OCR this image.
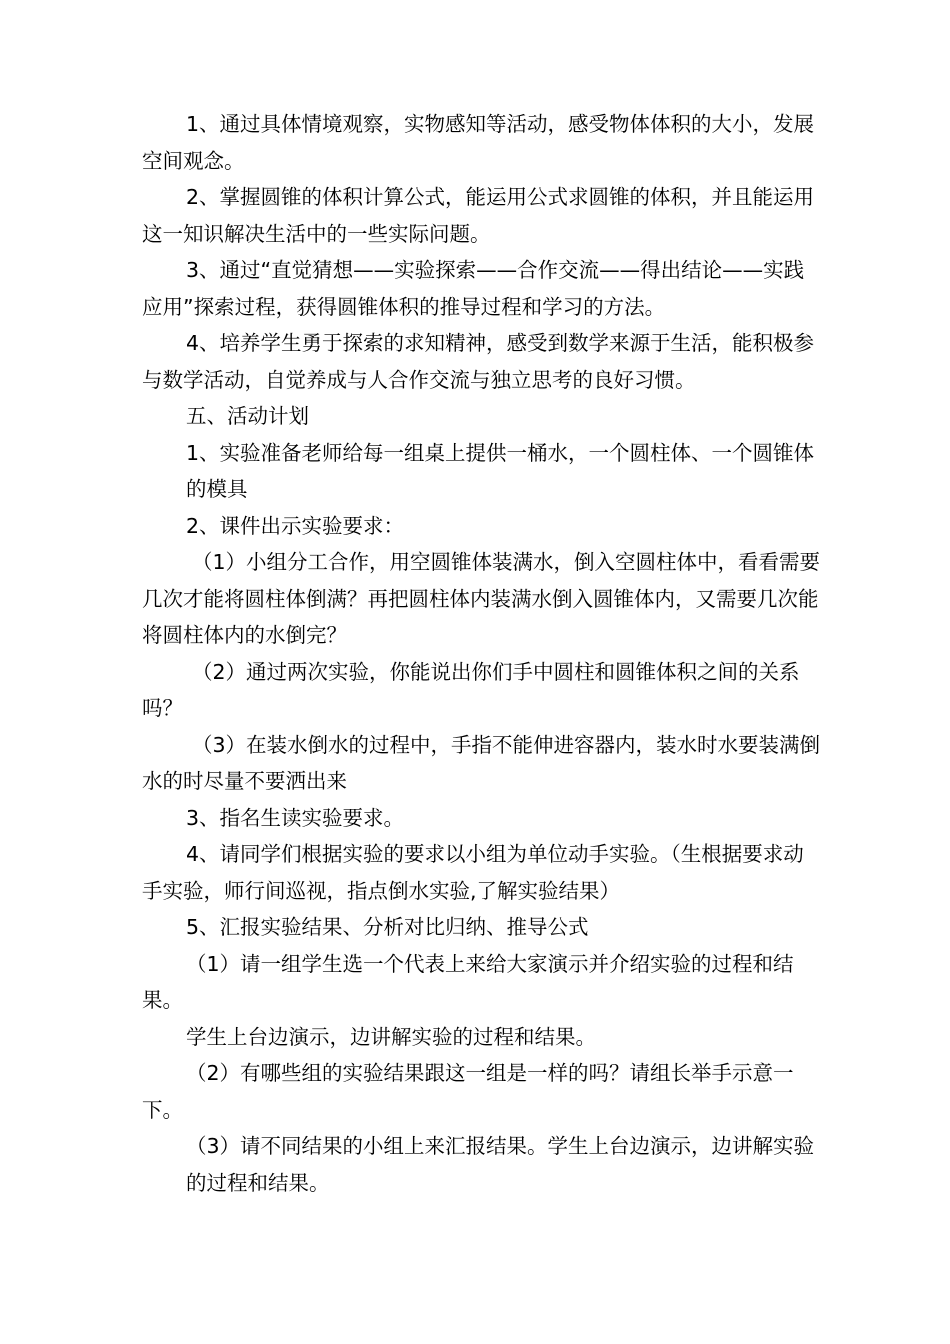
1、通过具体情境观察，实物感知等活动，感受物体体积的大小，发展空间观念。

2、掌握圆锥的体积计算公式，能运用公式求圆锥的体积，并且能运用这一知识解决生活中的一些实际问题。

3、通过“直觉猜想——实验探索——合作交流——得出结论——实践应用”探索过程，获得圆锥体积的推导过程和学习的方法。

4、培养学生勇于探索的求知精神，感受到数学来源于生活，能积极参与数学活动，自觉养成与人合作交流与独立思考的良好习惯。

五、活动计划

1、实验准备老师给每一组桌上提供一桶水，一个圆柱体、一个圆锥体的模具

2、课件出示实验要求：

（1）小组分工合作，用空圆锥体装满水，倒入空圆柱体中，看看需要几次才能将圆柱体倒满？再把圆柱体内装满水倒入圆锥体内，又需要几次能将圆柱体内的水倒完？

（2）通过两次实验，你能说出你们手中圆柱和圆锥体积之间的关系吗？

（3）在装水倒水的过程中，手指不能伸进容器内，装水时水要装满倒水的时尽量不要洒出来

3、指名生读实验要求。

4、请同学们根据实验的要求以小组为单位动手实验。（生根据要求动手实验，师行间巡视，指点倒水实验,了解实验结果）

5、汇报实验结果、分析对比归纳、推导公式

（1）请一组学生选一个代表上来给大家演示并介绍实验的过程和结果。

学生上台边演示，边讲解实验的过程和结果。

（2）有哪些组的实验结果跟这一组是一样的吗？请组长举手示意一下。

（3）请不同结果的小组上来汇报结果。学生上台边演示，边讲解实验的过程和结果。
